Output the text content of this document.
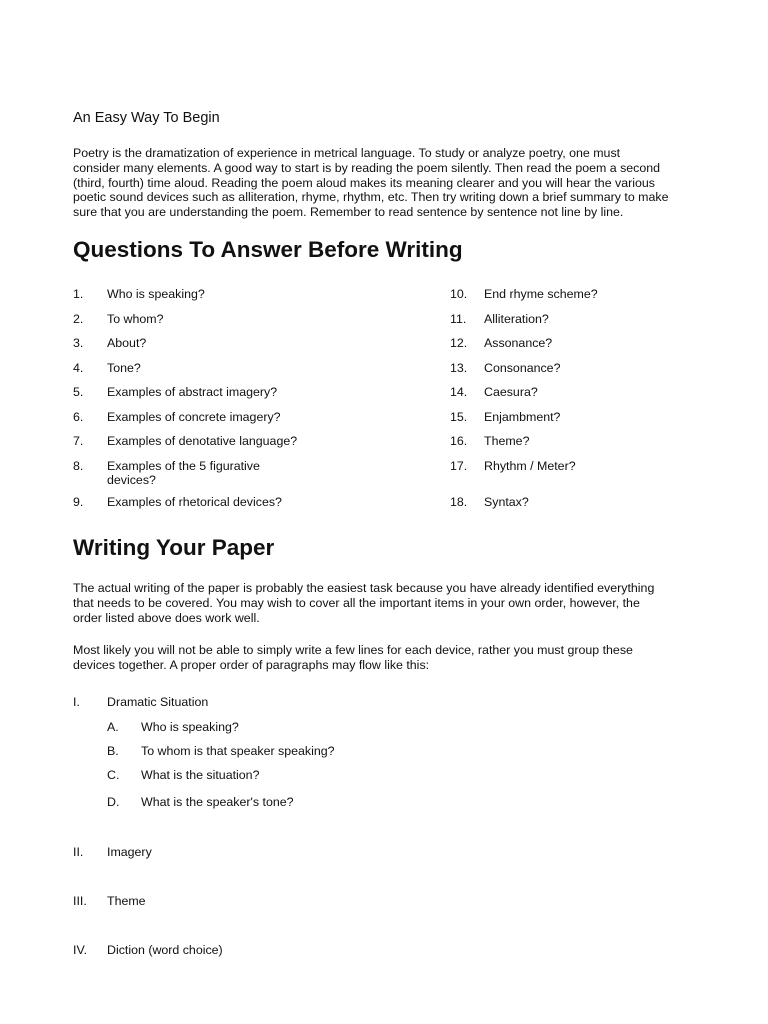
An Easy Way To Begin
Poetry is the dramatization of experience in metrical language. To study or analyze poetry, one must
consider many elements. A good way to start is by reading the poem silently. Then read the poem a second
(third, fourth) time aloud. Reading the poem aloud makes its meaning clearer and you will hear the various
poetic sound devices such as alliteration, rhyme, rhythm, etc. Then try writing down a brief summary to make
sure that you are understanding the poem. Remember to read sentence by sentence not line by line.
Questions To Answer Before Writing
1. Who is speaking?
2. To whom?
3. About?
4. Tone?
5. Examples of abstract imagery?
6. Examples of concrete imagery?
7. Examples of denotative language?
8. Examples of the 5 figurative
devices?
9. Examples of rhetorical devices?
10. End rhyme scheme?
11. Alliteration?
12. Assonance?
13. Consonance?
14. Caesura?
15. Enjambment?
16. Theme?
17. Rhythm / Meter?
18. Syntax?
Writing Your Paper
The actual writing of the paper is probably the easiest task because you have already identified everything
that needs to be covered. You may wish to cover all the important items in your own order, however, the
order listed above does work well.
Most likely you will not be able to simply write a few lines for each device, rather you must group these
devices together. A proper order of paragraphs may flow like this:
I. Dramatic Situation
A. Who is speaking?
B. To whom is that speaker speaking?
C. What is the situation?
D. What is the speaker's tone?
II. Imagery
III. Theme
IV. Diction (word choice)
